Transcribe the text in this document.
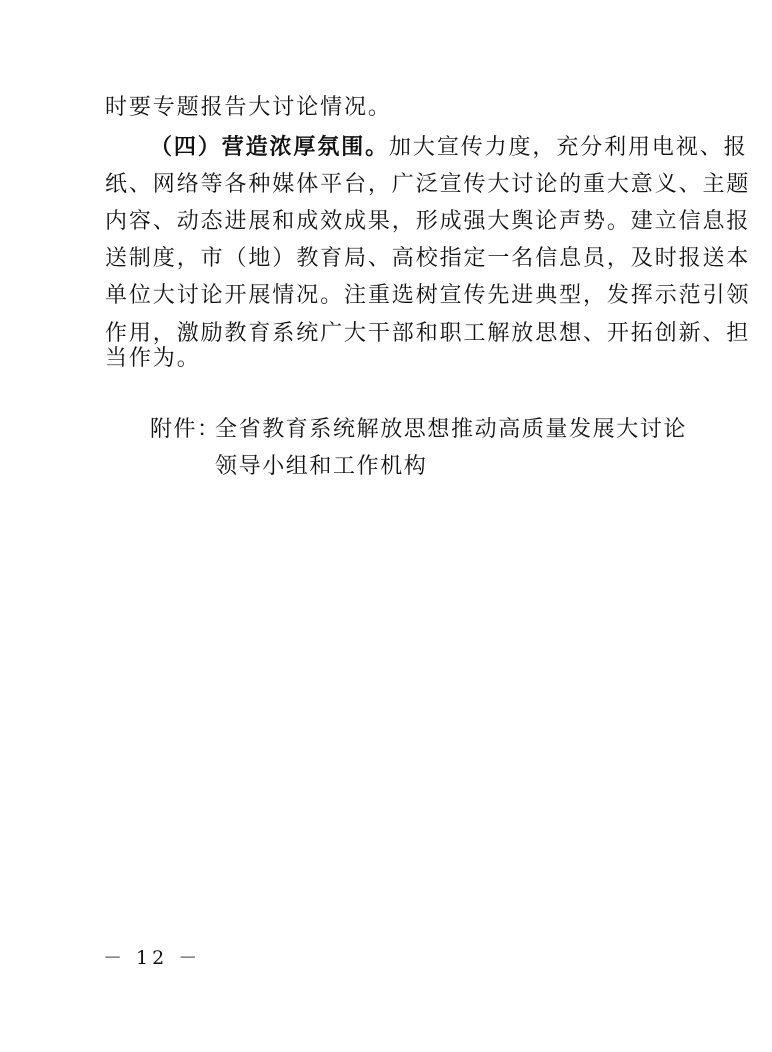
时要专题报告大讨论情况。
（四）营造浓厚氛围。加大宣传力度，充分利用电视、报
纸、网络等各种媒体平台，广泛宣传大讨论的重大意义、主题
内容、动态进展和成效成果，形成强大舆论声势。建立信息报
送制度，市（地）教育局、高校指定一名信息员，及时报送本
单位大讨论开展情况。注重选树宣传先进典型，发挥示范引领
作用，激励教育系统广大干部和职工解放思想、开拓创新、担
当作为。
附件：
全省教育系统解放思想推动高质量发展大讨论
领导小组和工作机构
－ 12 －
